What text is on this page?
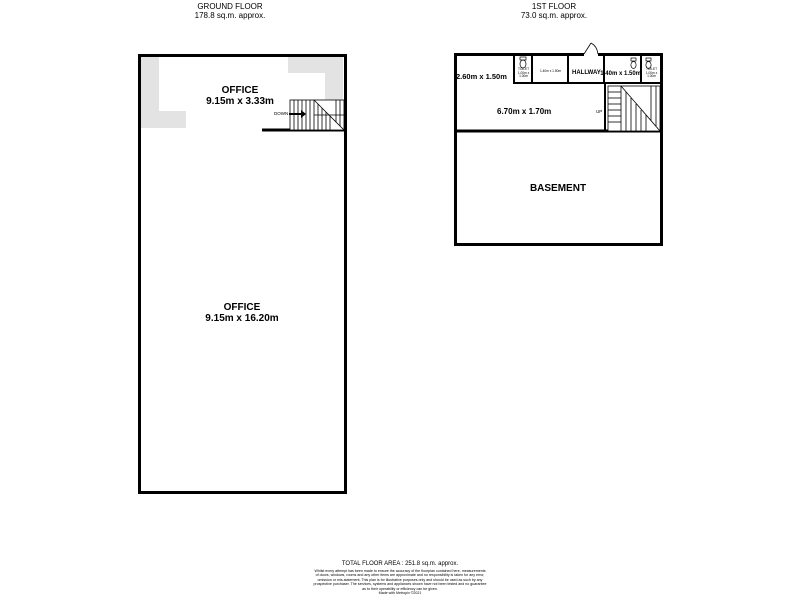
GROUND FLOOR
178.8 sq.m. approx.
1ST FLOOR
73.0 sq.m. approx.
OFFICE
9.15m x 3.33m
DOWN
OFFICE
9.15m x 16.20m
2.60m x 1.50m
TOILET
1.00m x 1.00m
1.40m x 1.50m	HALLWAY 1.40m x 1.50m
TOILET
1.00m x 1.00m
6.70m x 1.70m	UP
BASEMENT
TOTAL FLOOR AREA : 251.8 sq.m. approx.
Whilst every attempt has been made to ensure the accuracy of the floorplan contained here, measurements
of doors, windows, rooms and any other items are approximate and no responsibility is taken for any error,
omission or mis-statement. This plan is for illustrative purposes only and should be used as such by any
prospective purchaser. The services, systems and appliances shown have not been tested and no guarantee
as to their operability or efficiency can be given.
Made with Metropix ©2021
